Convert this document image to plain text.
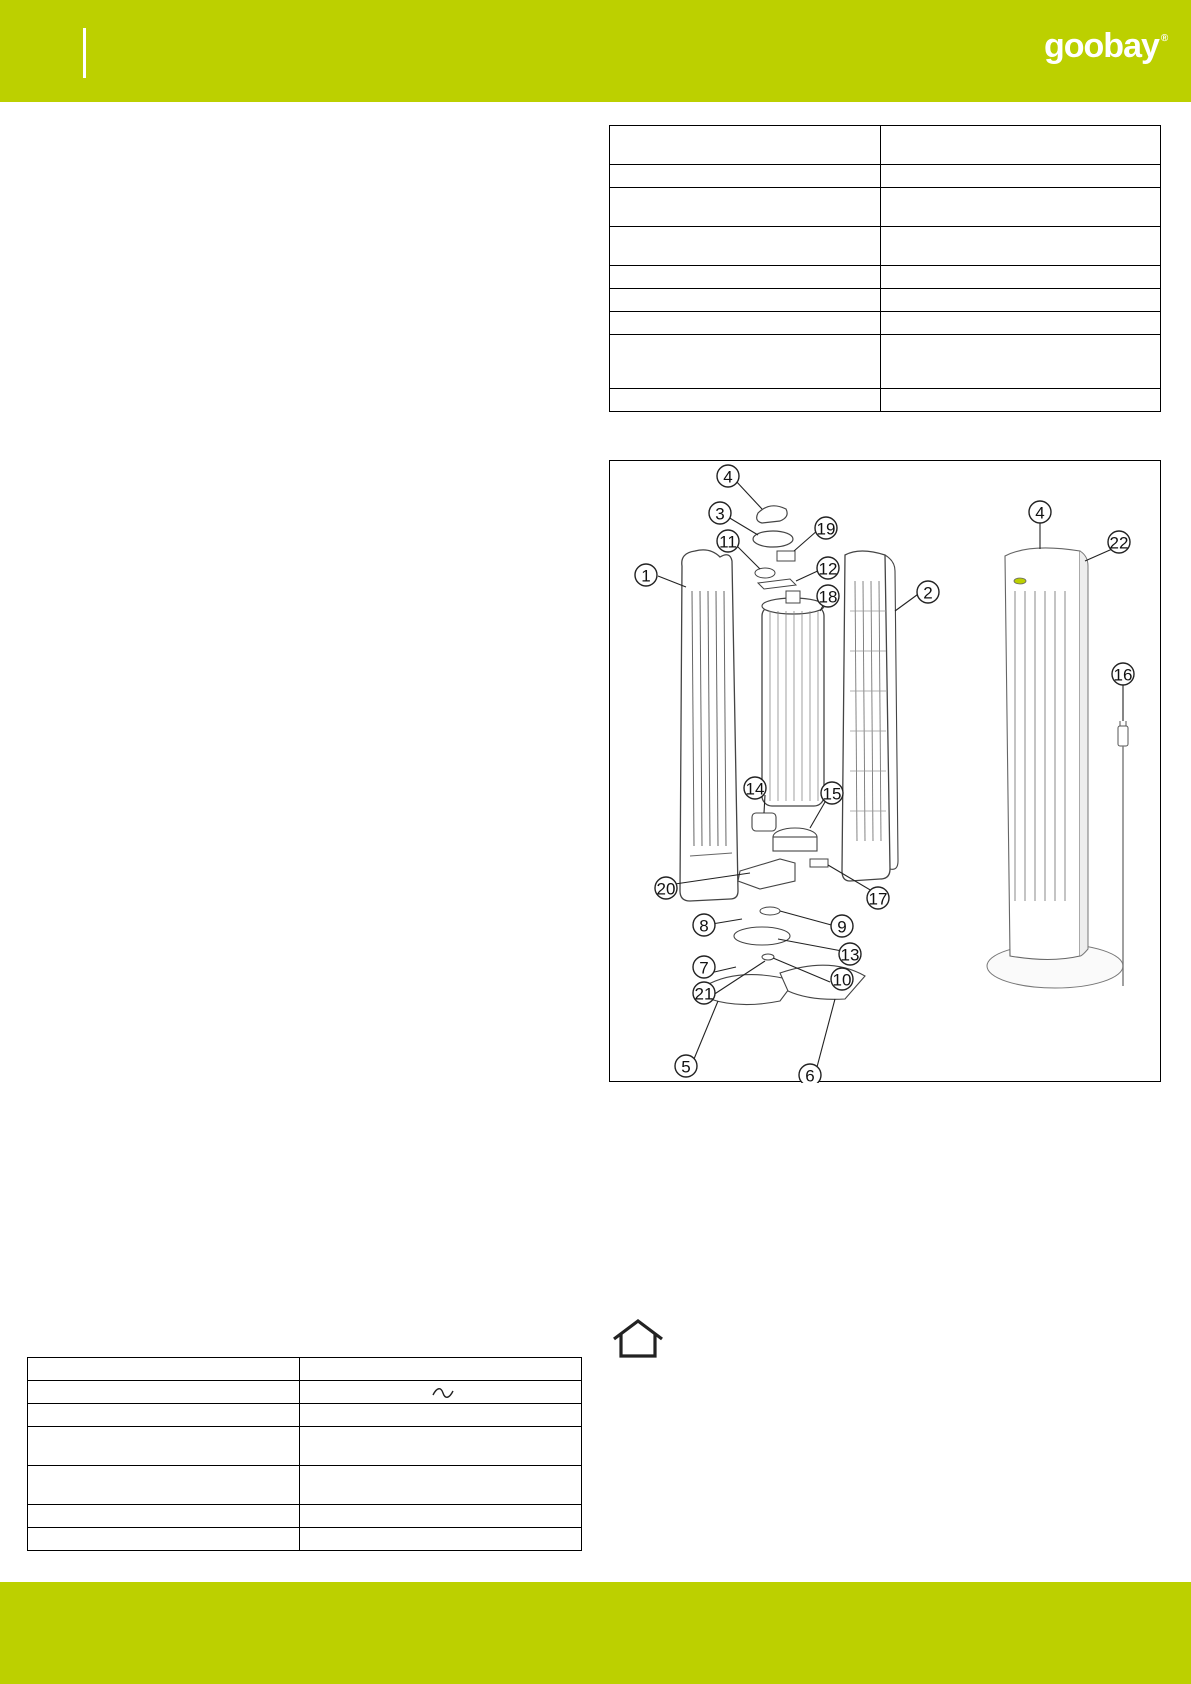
goobay ®

4
3
19
11
12
1
2
18
14	15
20
17
8	9
13
7
10
21
5	6
4
22
16
